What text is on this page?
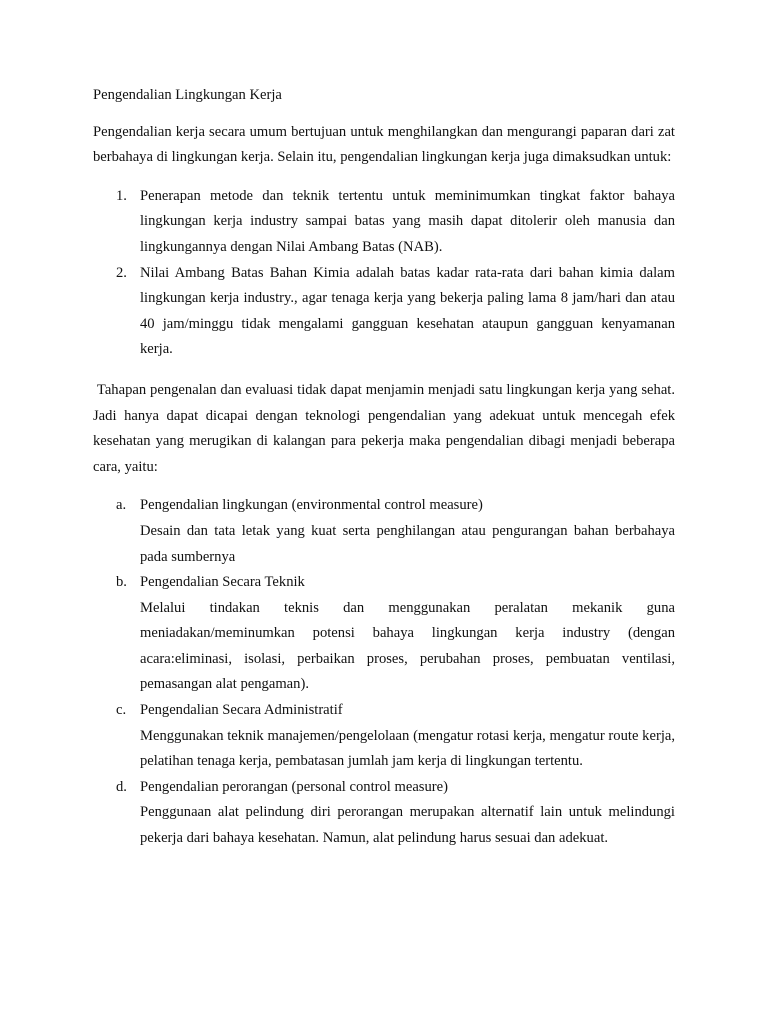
Pengendalian Lingkungan Kerja

Pengendalian kerja secara umum bertujuan untuk menghilangkan dan mengurangi paparan dari zat berbahaya di lingkungan kerja. Selain itu, pengendalian lingkungan kerja juga dimaksudkan untuk:

1. Penerapan metode dan teknik tertentu untuk meminimumkan tingkat faktor bahaya lingkungan kerja industry sampai batas yang masih dapat ditolerir oleh manusia dan lingkungannya dengan Nilai Ambang Batas (NAB).
2. Nilai Ambang Batas Bahan Kimia adalah batas kadar rata-rata dari bahan kimia dalam lingkungan kerja industry., agar tenaga kerja yang bekerja paling lama 8 jam/hari dan atau 40 jam/minggu tidak mengalami gangguan kesehatan ataupun gangguan kenyamanan kerja.

Tahapan pengenalan dan evaluasi tidak dapat menjamin menjadi satu lingkungan kerja yang sehat. Jadi hanya dapat dicapai dengan teknologi pengendalian yang adekuat untuk mencegah efek kesehatan yang merugikan di kalangan para pekerja maka pengendalian dibagi menjadi beberapa cara, yaitu:

a. Pengendalian lingkungan (environmental control measure)
Desain dan tata letak yang kuat serta penghilangan atau pengurangan bahan berbahaya pada sumbernya
b. Pengendalian Secara Teknik
Melalui tindakan teknis dan menggunakan peralatan mekanik guna meniadakan/meminumkan potensi bahaya lingkungan kerja industry (dengan acara:eliminasi, isolasi, perbaikan proses, perubahan proses, pembuatan ventilasi, pemasangan alat pengaman).
c. Pengendalian Secara Administratif
Menggunakan teknik manajemen/pengelolaan (mengatur rotasi kerja, mengatur route kerja, pelatihan tenaga kerja, pembatasan jumlah jam kerja di lingkungan tertentu.
d. Pengendalian perorangan (personal control measure)
Penggunaan alat pelindung diri perorangan merupakan alternatif lain untuk melindungi pekerja dari bahaya kesehatan. Namun, alat pelindung harus sesuai dan adekuat.
